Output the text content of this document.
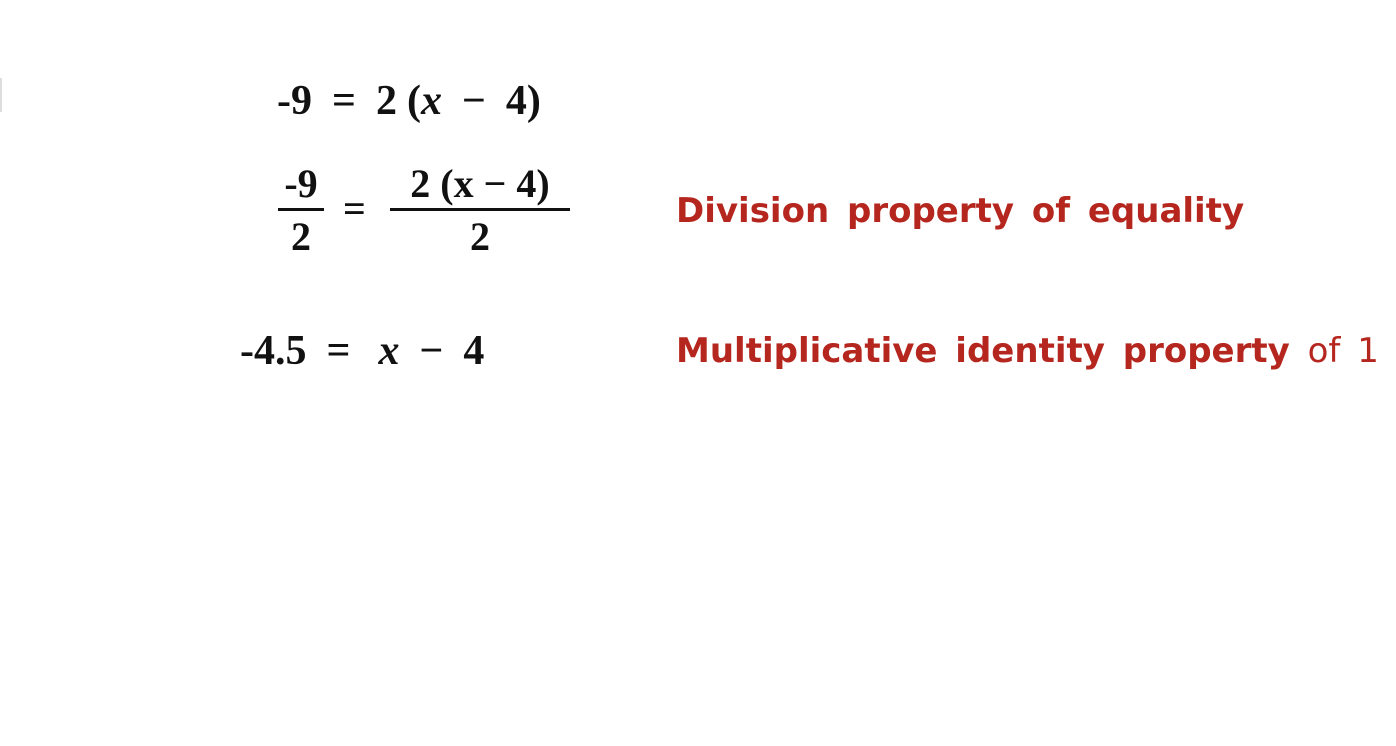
-9 = 2 (x − 4)
-9
2
=
2 (x − 4)
2
Division property of equality
-4.5 = x − 4	Multiplicative identity property of 1
